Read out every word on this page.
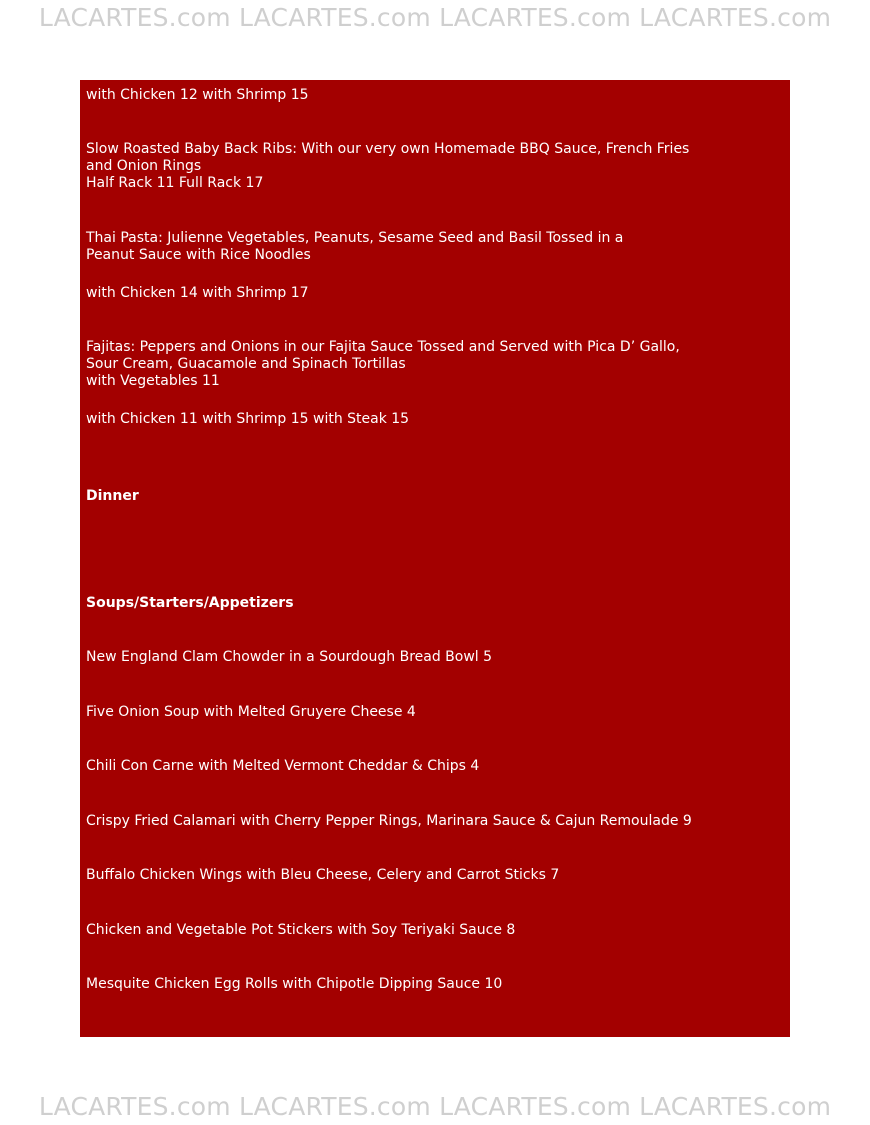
LACARTES.com LACARTES.com LACARTES.com LACARTES.com
with Chicken 12 with Shrimp 15
Slow Roasted Baby Back Ribs: With our very own Homemade BBQ Sauce, French Fries
and Onion Rings
Half Rack 11 Full Rack 17
Thai Pasta: Julienne Vegetables, Peanuts, Sesame Seed and Basil Tossed in a
Peanut Sauce with Rice Noodles
with Chicken 14 with Shrimp 17
Fajitas: Peppers and Onions in our Fajita Sauce Tossed and Served with Pica D’ Gallo,
Sour Cream, Guacamole and Spinach Tortillas
with Vegetables 11
with Chicken 11 with Shrimp 15 with Steak 15
Dinner
Soups/Starters/Appetizers
New England Clam Chowder in a Sourdough Bread Bowl 5
Five Onion Soup with Melted Gruyere Cheese 4
Chili Con Carne with Melted Vermont Cheddar & Chips 4
Crispy Fried Calamari with Cherry Pepper Rings, Marinara Sauce & Cajun Remoulade 9
Buffalo Chicken Wings with Bleu Cheese, Celery and Carrot Sticks 7
Chicken and Vegetable Pot Stickers with Soy Teriyaki Sauce 8
Mesquite Chicken Egg Rolls with Chipotle Dipping Sauce 10
LACARTES.com LACARTES.com LACARTES.com LACARTES.com
